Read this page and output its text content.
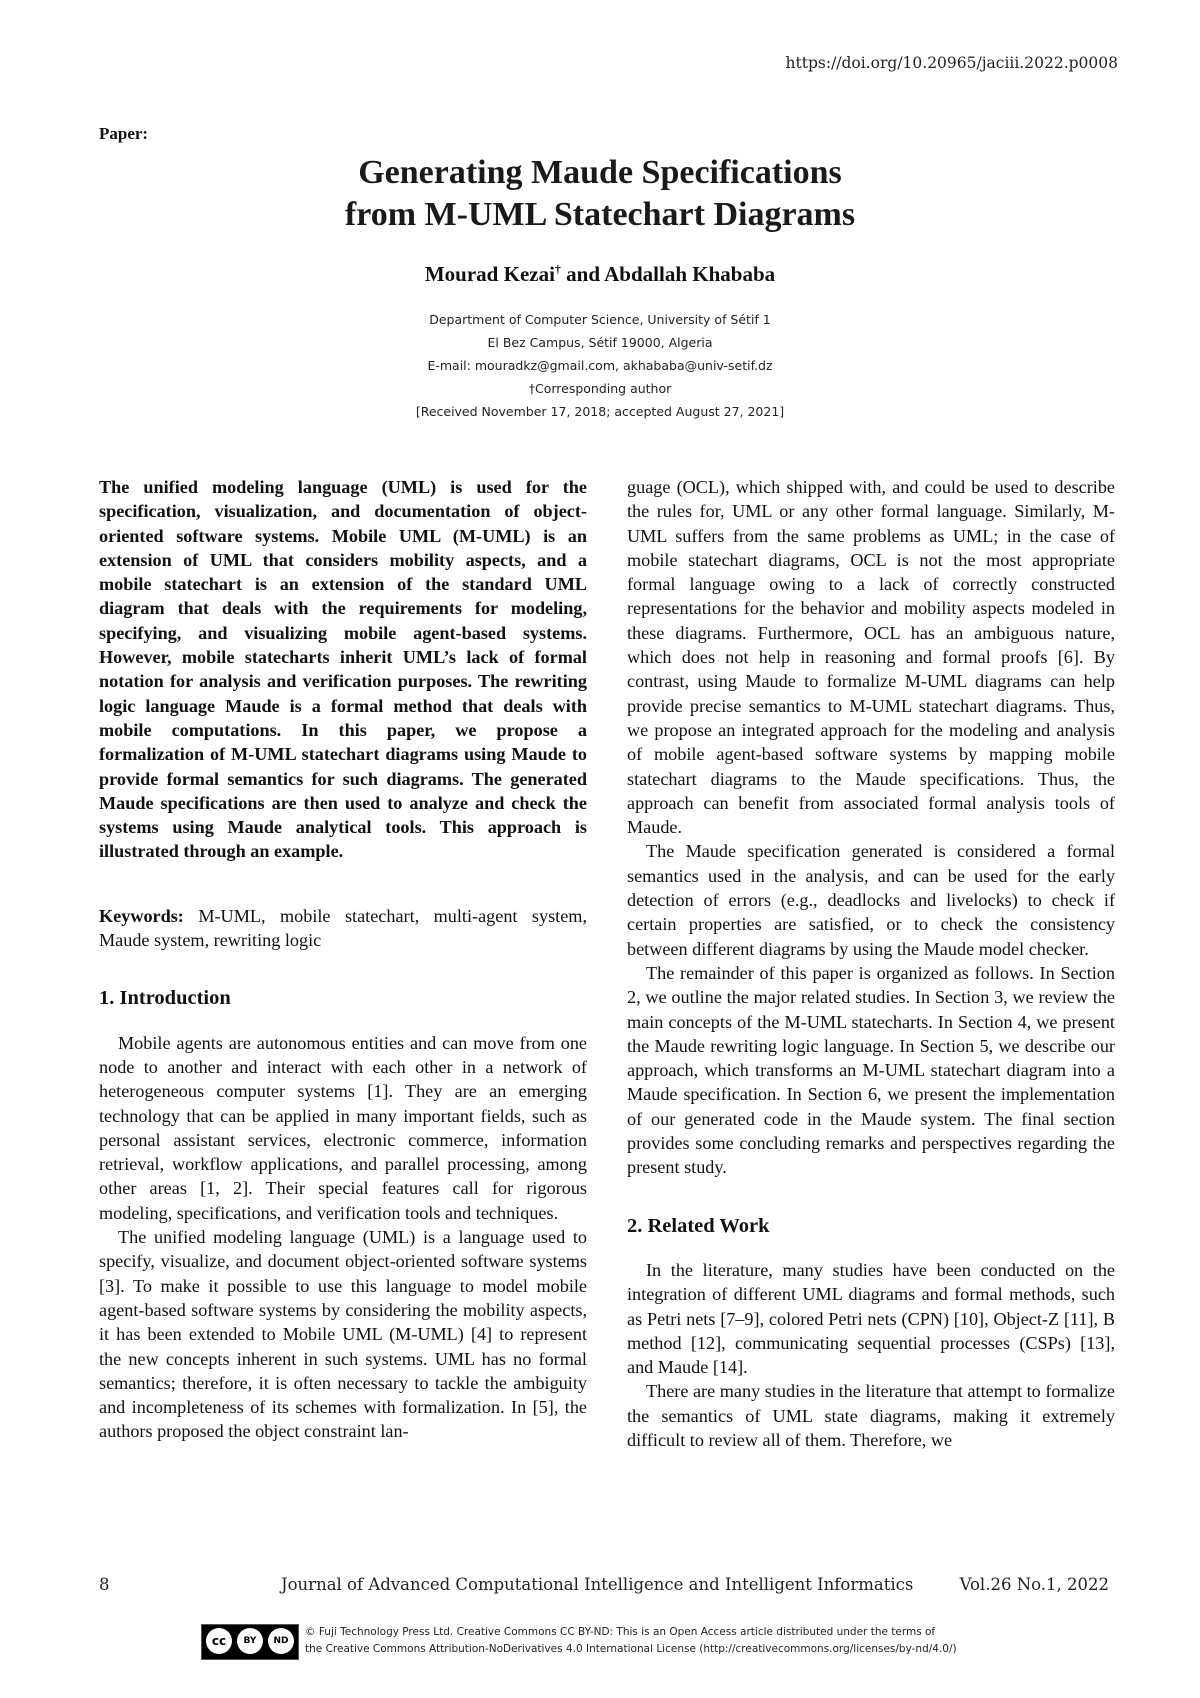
https://doi.org/10.20965/jaciii.2022.p0008
Paper:
Generating Maude Specifications
from M-UML Statechart Diagrams
Mourad Kezai† and Abdallah Khababa
Department of Computer Science, University of Sétif 1
El Bez Campus, Sétif 19000, Algeria
E-mail: mouradkz@gmail.com, akhababa@univ-setif.dz
†Corresponding author
[Received November 17, 2018; accepted August 27, 2021]

The unified modeling language (UML) is used for the specification, visualization, and documentation of object-oriented software systems. Mobile UML (M-UML) is an extension of UML that considers mobility aspects, and a mobile statechart is an extension of the standard UML diagram that deals with the requirements for modeling, specifying, and visualizing mobile agent-based systems. However, mobile statecharts inherit UML’s lack of formal notation for analysis and verification purposes. The rewriting logic language Maude is a formal method that deals with mobile computations. In this paper, we propose a formalization of M-UML statechart diagrams using Maude to provide formal semantics for such diagrams. The generated Maude specifications are then used to analyze and check the systems using Maude analytical tools. This approach is illustrated through an example.

Keywords: M-UML, mobile statechart, multi-agent system, Maude system, rewriting logic

1. Introduction

Mobile agents are autonomous entities and can move from one node to another and interact with each other in a network of heterogeneous computer systems [1]. They are an emerging technology that can be applied in many important fields, such as personal assistant services, electronic commerce, information retrieval, workflow applications, and parallel processing, among other areas [1, 2]. Their special features call for rigorous modeling, specifications, and verification tools and techniques.

The unified modeling language (UML) is a language used to specify, visualize, and document object-oriented software systems [3]. To make it possible to use this language to model mobile agent-based software systems by considering the mobility aspects, it has been extended to Mobile UML (M-UML) [4] to represent the new concepts inherent in such systems. UML has no formal semantics; therefore, it is often necessary to tackle the ambiguity and incompleteness of its schemes with formalization. In [5], the authors proposed the object constraint lan-

guage (OCL), which shipped with, and could be used to describe the rules for, UML or any other formal language. Similarly, M-UML suffers from the same problems as UML; in the case of mobile statechart diagrams, OCL is not the most appropriate formal language owing to a lack of correctly constructed representations for the behavior and mobility aspects modeled in these diagrams. Furthermore, OCL has an ambiguous nature, which does not help in reasoning and formal proofs [6]. By contrast, using Maude to formalize M-UML diagrams can help provide precise semantics to M-UML statechart diagrams. Thus, we propose an integrated approach for the modeling and analysis of mobile agent-based software systems by mapping mobile statechart diagrams to the Maude specifications. Thus, the approach can benefit from associated formal analysis tools of Maude.

The Maude specification generated is considered a formal semantics used in the analysis, and can be used for the early detection of errors (e.g., deadlocks and livelocks) to check if certain properties are satisfied, or to check the consistency between different diagrams by using the Maude model checker.

The remainder of this paper is organized as follows. In Section 2, we outline the major related studies. In Section 3, we review the main concepts of the M-UML statecharts. In Section 4, we present the Maude rewriting logic language. In Section 5, we describe our approach, which transforms an M-UML statechart diagram into a Maude specification. In Section 6, we present the implementation of our generated code in the Maude system. The final section provides some concluding remarks and perspectives regarding the present study.

2. Related Work

In the literature, many studies have been conducted on the integration of different UML diagrams and formal methods, such as Petri nets [7–9], colored Petri nets (CPN) [10], Object-Z [11], B method [12], communicating sequential processes (CSPs) [13], and Maude [14].

There are many studies in the literature that attempt to formalize the semantics of UML state diagrams, making it extremely difficult to review all of them. Therefore, we

8	Journal of Advanced Computational Intelligence and Intelligent Informatics	Vol.26 No.1, 2022
cc	BY	ND
© Fuji Technology Press Ltd. Creative Commons CC BY-ND: This is an Open Access article distributed under the terms of
the Creative Commons Attribution-NoDerivatives 4.0 International License (http://creativecommons.org/licenses/by-nd/4.0/)
